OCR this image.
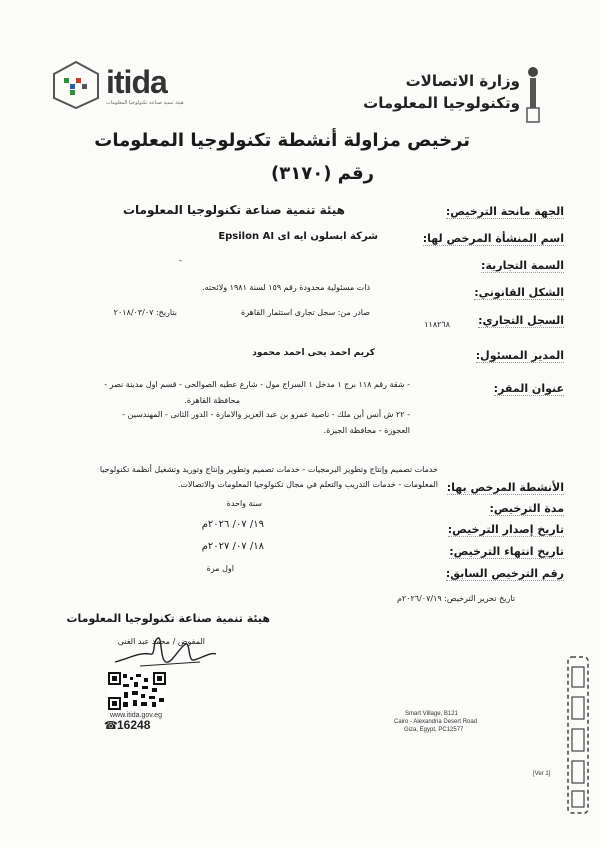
itida
هيئة تنمية صناعة تكنولوجيا المعلومات
وزارة الاتصالات
وتكنولوجيا المعلومات
ترخيص مزاولة أنشطة تكنولوجيا المعلومات
رقم (٣١٧٠)
الجهة مانحة الترخيص:
هيئة تنمية صناعة تكنولوجيا المعلومات
اسم المنشأة المرخص لها:
شركة ابسلون ايه اى Epsilon AI
السمة التجارية:
-
الشكل القانوني:
ذات مسئولية محدودة رقم ١٥٩ لسنة ١٩٨١ ولائحته.
السجل التجاري:
١١٨٢٦٨
صادر من: سجل تجارى استثمار القاهرة
بتاريخ: ٢٠١٨/٠٣/٠٧
المدير المسئول:
كريم احمد يحى احمد محمود
عنوان المقر:
- شقة رقم ١١٨ برج ١ مدخل ١ السراج مول - شارع عطيه الصوالحى - قسم اول مدينة نصر -
محافظة القاهرة.
- ٢٢ ش أنس أبن ملك - ناصية عمرو بن عبد العزيز والامارة - الدور الثانى - المهندسين -
العجوزة - محافظة الجيزة.
خدمات تصميم وإنتاج وتطوير البرمجيات - خدمات تصميم وتطوير وإنتاج وتوريد وتشغيل أنظمة تكنولوجيا
المعلومات - خدمات التدريب والتعلم في مجال تكنولوجيا المعلومات والاتصالات. الأنشطة المرخص بها:
مدة الترخيص:
سنة واحدة
تاريخ إصدار الترخيص:
١٩/ ٠٧/ ٢٠٢٦م
تاريخ انتهاء الترخيص:
١٨/ ٠٧/ ٢٠٢٧م
رقم الترخيص السابق:
اول مرة
تاريخ تحرير الترخيص: ٢٠٢٦/٠٧/١٩م
هيئة تنمية صناعة تكنولوجيا المعلومات
المفوض / محمد عبد الغنى
www.itida.gov.eg
☎ 16248
Smart Village, B121
Cairo - Alexandria Desert Road
Giza, Egypt, PC12577
[Ver 1]
